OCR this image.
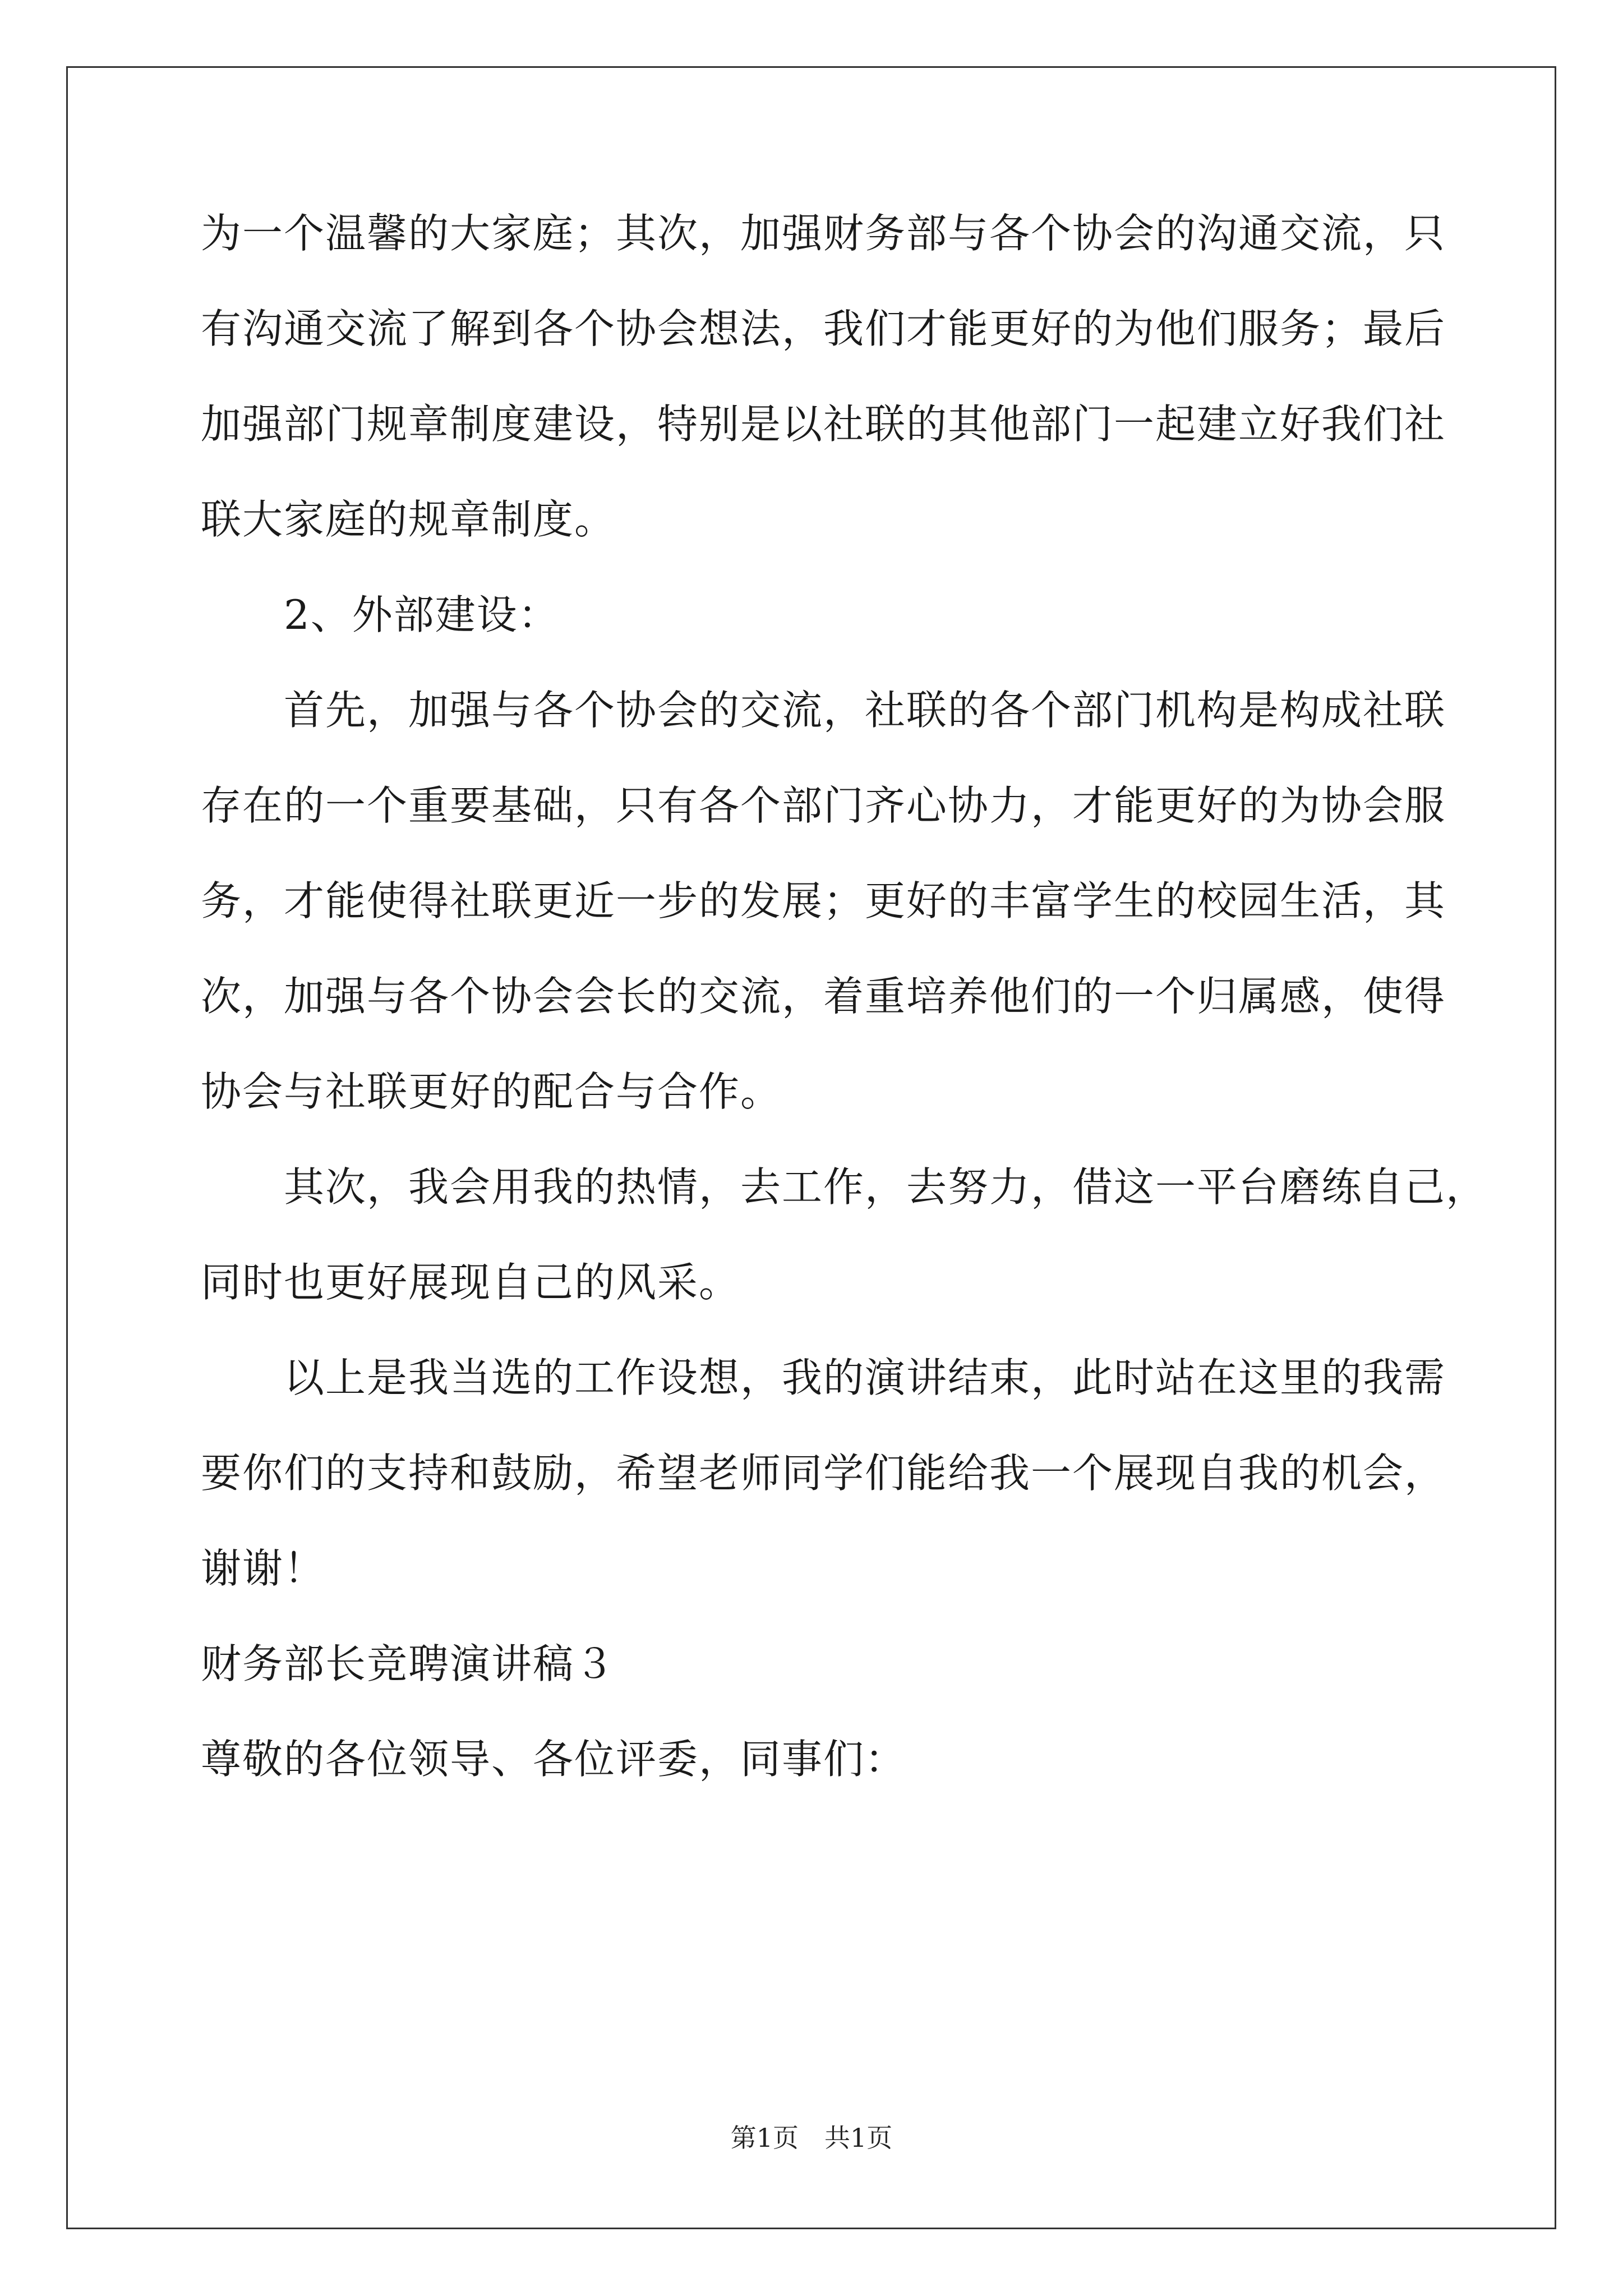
为一个温馨的大家庭；其次，加强财务部与各个协会的沟通交流，只
有沟通交流了解到各个协会想法，我们才能更好的为他们服务；最后
加强部门规章制度建设，特别是以社联的其他部门一起建立好我们社
联大家庭的规章制度。
　　2、外部建设：
　　首先，加强与各个协会的交流，社联的各个部门机构是构成社联
存在的一个重要基础，只有各个部门齐心协力，才能更好的为协会服
务，才能使得社联更近一步的发展；更好的丰富学生的校园生活，其
次，加强与各个协会会长的交流，着重培养他们的一个归属感，使得
协会与社联更好的配合与合作。
　　其次，我会用我的热情，去工作，去努力，借这一平台磨练自己，
同时也更好展现自己的风采。
　　以上是我当选的工作设想，我的演讲结束，此时站在这里的我需
要你们的支持和鼓励，希望老师同学们能给我一个展现自我的机会，
谢谢！
财务部长竞聘演讲稿３
尊敬的各位领导、各位评委，同事们：
第1页　共1页
